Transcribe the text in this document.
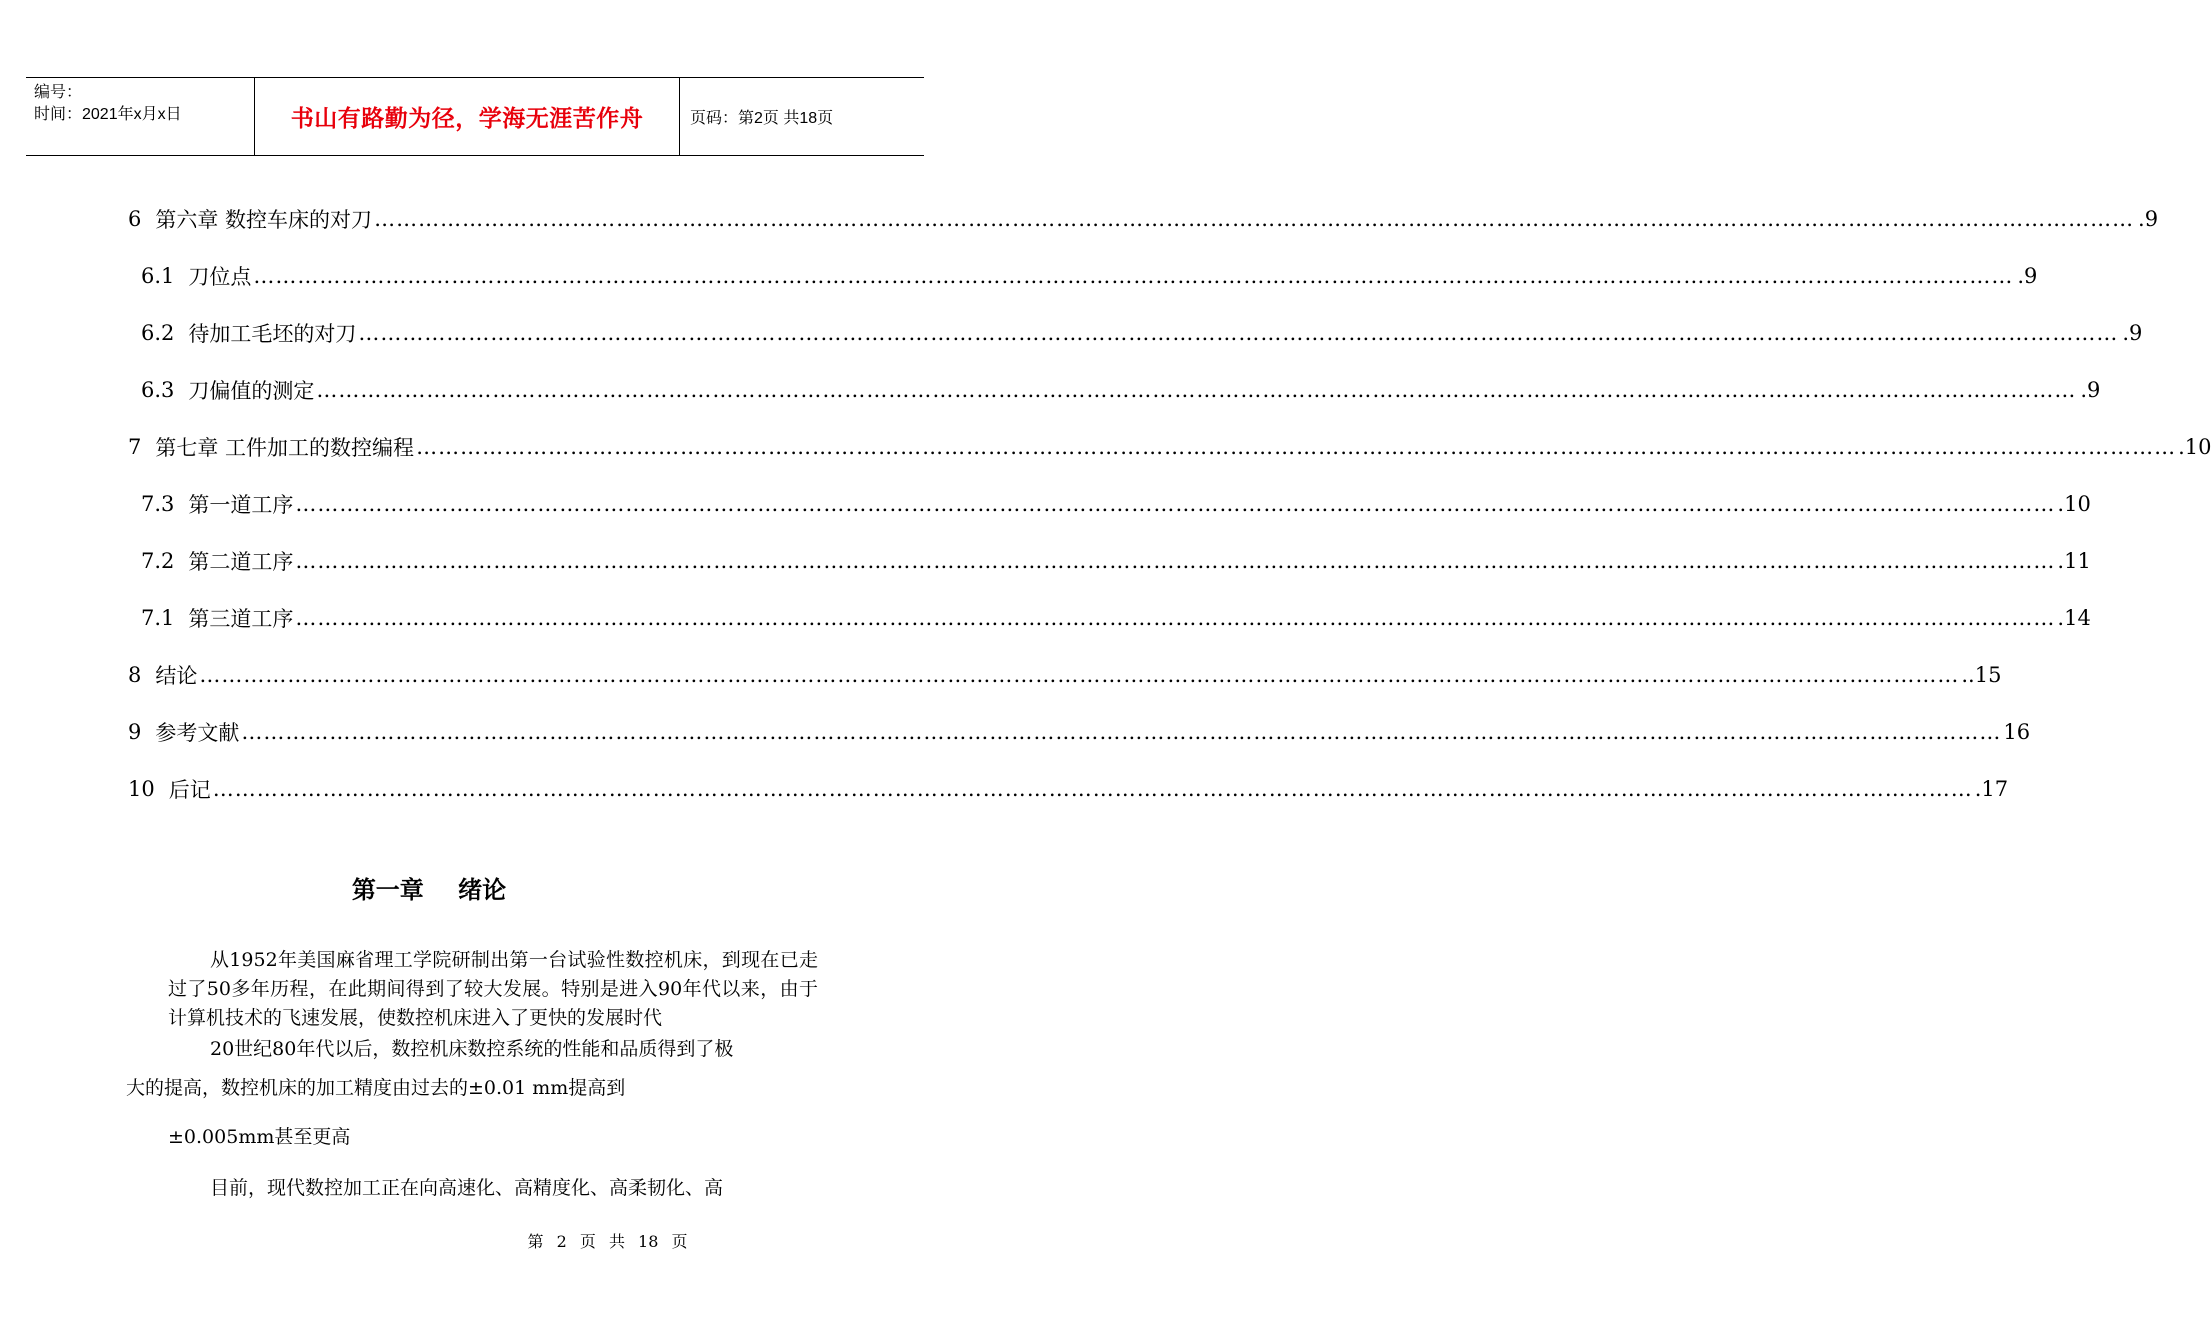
编号：
时间：2021年x月x日	书山有路勤为径，学海无涯苦作舟	页码：第2页 共18页
6 第六章 数控车床的对刀 …………………………………………………………………………………………………………………………………………………………………………………………………………………… .9
6.1 刀位点 …………………………………………………………………………………………………………………………………………………………………………………………………………………… .9
6.2 待加工毛坯的对刀 …………………………………………………………………………………………………………………………………………………………………………………………………………………… .9
6.3 刀偏值的测定 …………………………………………………………………………………………………………………………………………………………………………………………………………………… .9
7 第七章 工件加工的数控编程 …………………………………………………………………………………………………………………………………………………………………………………………………………………… .10
7.3 第一道工序 …………………………………………………………………………………………………………………………………………………………………………………………………………………… .10
7.2 第二道工序 …………………………………………………………………………………………………………………………………………………………………………………………………………………… .11
7.1 第三道工序 …………………………………………………………………………………………………………………………………………………………………………………………………………………… .14
8 结论 …………………………………………………………………………………………………………………………………………………………………………………………………………………… ..15
9 参考文献 …………………………………………………………………………………………………………………………………………………………………………………………………………………… 16
10 后记 …………………………………………………………………………………………………………………………………………………………………………………………………………………… .17
第一章 绪论

从1952年美国麻省理工学院研制出第一台试验性数控机床，到现在已走过了50多年历程，在此期间得到了较大发展。特别是进入90年代以来，由于计算机技术的飞速发展，使数控机床进入了更快的发展时代

20世纪80年代以后，数控机床数控系统的性能和品质得到了极
大的提高，数控机床的加工精度由过去的±0.01 mm提高到
±0.005mm甚至更高

目前，现代数控加工正在向高速化、高精度化、高柔韧化、高

第 2 页 共 18 页
